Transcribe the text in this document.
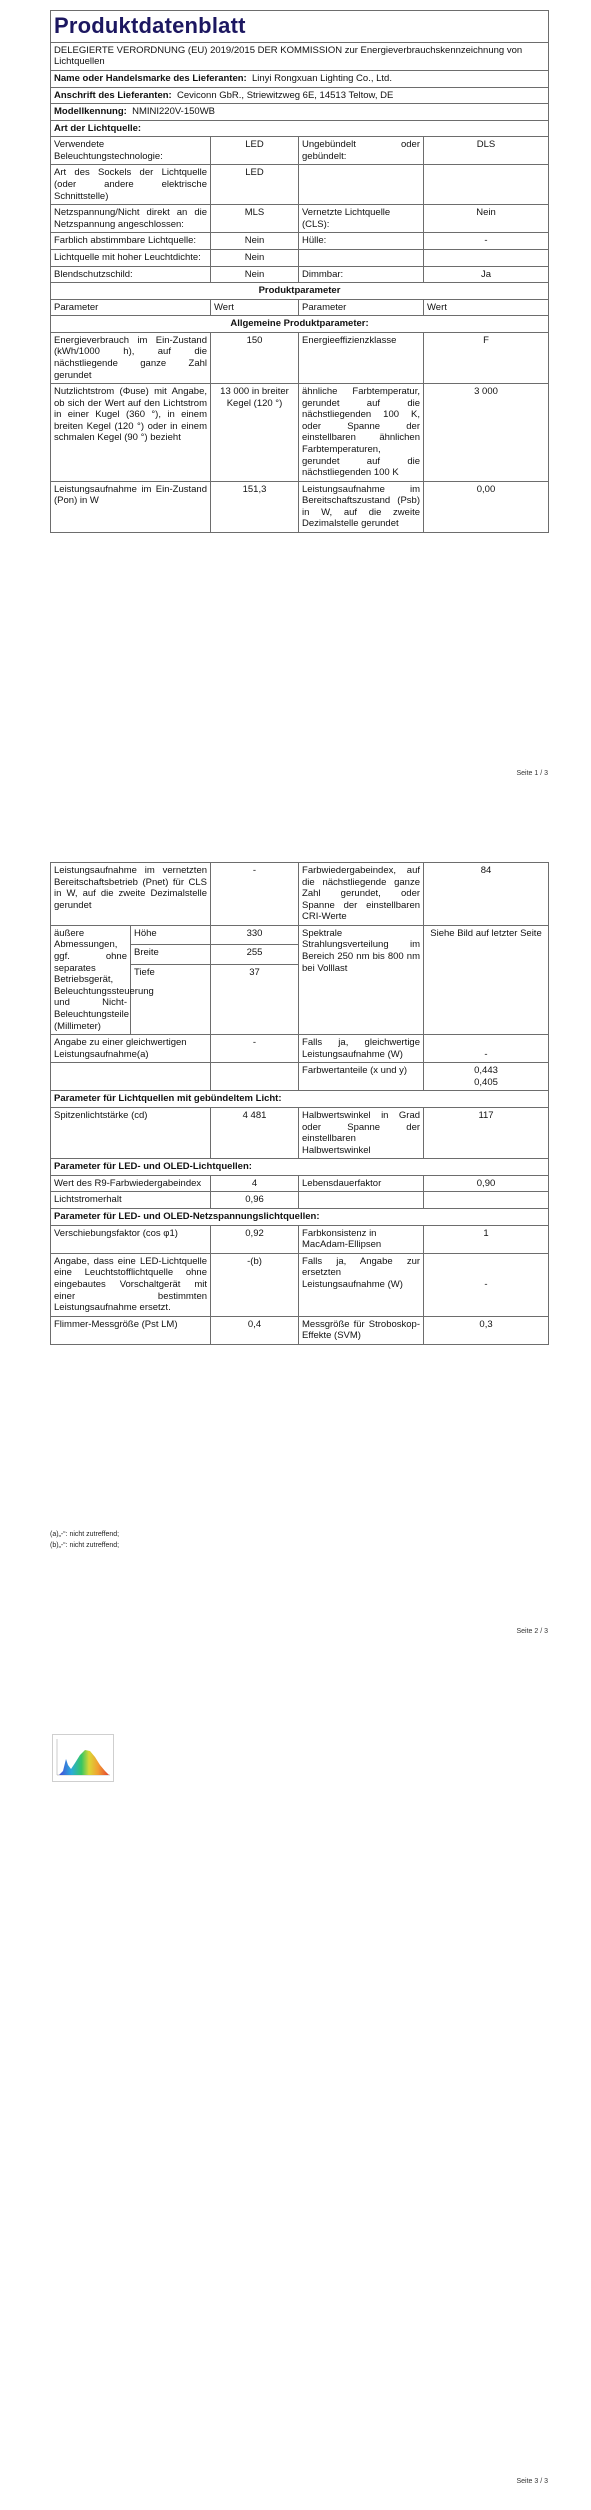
Produktdatenblatt
DELEGIERTE VERORDNUNG (EU) 2019/2015 DER KOMMISSION zur Energieverbrauchskennzeichnung von Lichtquellen
Name oder Handelsmarke des Lieferanten: Linyi Rongxuan Lighting Co., Ltd.
Anschrift des Lieferanten: Ceviconn GbR., Striewitzweg 6E, 14513 Teltow, DE
Modellkennung: NMINI220V-150WB
Art der Lichtquelle:
Verwendete Beleuchtungstechnologie:	LED	Ungebündelt oder gebündelt:	DLS
Art des Sockels der Lichtquelle (oder andere elektrische Schnittstelle)	LED		
Netzspannung/Nicht direkt an die Netzspannung angeschlossen:	MLS	Vernetzte Lichtquelle (CLS):	Nein
Farblich abstimmbare Lichtquelle:	Nein	Hülle:	-
Lichtquelle mit hoher Leuchtdichte:	Nein		
Blendschutzschild:	Nein	Dimmbar:	Ja
Produktparameter			
Parameter	Wert	Parameter	Wert
Allgemeine Produktparameter:			
Energieverbrauch im Ein-Zustand (kWh/1000 h), auf die nächstliegende ganze Zahl gerundet	150	Energieeffizienzklasse	F
Nutzlichtstrom (Φuse) mit Angabe, ob sich der Wert auf den Lichtstrom in einer Kugel (360 °), in einem breiten Kegel (120 °) oder in einem schmalen Kegel (90 °) bezieht	13 000 in breiter Kegel (120 °)	ähnliche Farbtemperatur, gerundet auf die nächstliegenden 100 K, oder Spanne der einstellbaren ähnlichen Farbtemperaturen, gerundet auf die nächstliegenden 100 K	3 000
Leistungsaufnahme im Ein-Zustand (Pon) in W	151,3	Leistungsaufnahme im Bereitschaftszustand (Psb) in W, auf die zweite Dezimalstelle gerundet	0,00
Seite 1 / 3
Leistungsaufnahme im vernetzten Bereitschaftsbetrieb (Pnet) für CLS in W, auf die zweite Dezimalstelle gerundet		-	Farbwiedergabeindex, auf die nächstliegende ganze Zahl gerundet, oder Spanne der einstellbaren CRI-Werte	84
äußere Abmessungen, ggf. ohne separates Betriebsgerät, Beleuchtungssteuerung und Nicht-Beleuchtungsteile (Millimeter)	Höhe	330	Spektrale Strahlungsverteilung im Bereich 250 nm bis 800 nm bei Volllast	Siehe Bild auf letzter Seite
	Breite	255		
	Tiefe	37		
Angabe zu einer gleichwertigen Leistungsaufnahme(a)		-	Falls ja, gleichwertige Leistungsaufnahme (W)	-
			Farbwertanteile (x und y)	0,443
0,405

Parameter für Lichtquellen mit gebündeltem Licht:				
Spitzenlichtstärke (cd)		4 481	Halbwertswinkel in Grad oder Spanne der einstellbaren Halbwertswinkel	117
Parameter für LED- und OLED-Lichtquellen:				
Wert des R9-Farbwiedergabeindex		4	Lebensdauerfaktor	0,90
Lichtstromerhalt		0,96		
Parameter für LED- und OLED-Netzspannungslichtquellen:				
Verschiebungsfaktor (cos φ1)		0,92	Farbkonsistenz in MacAdam-Ellipsen	1
Angabe, dass eine LED-Lichtquelle eine Leuchtstofflichtquelle ohne eingebautes Vorschaltgerät mit einer bestimmten Leistungsaufnahme ersetzt.		-(b)	Falls ja, Angabe zur ersetzten Leistungsaufnahme (W)	-
Flimmer-Messgröße (Pst LM)		0,4	Messgröße für Stroboskop-Effekte (SVM)	0,3
(a)„-“: nicht zutreffend;
(b)„-“: nicht zutreffend;
Seite 2 / 3
Seite 3 / 3
